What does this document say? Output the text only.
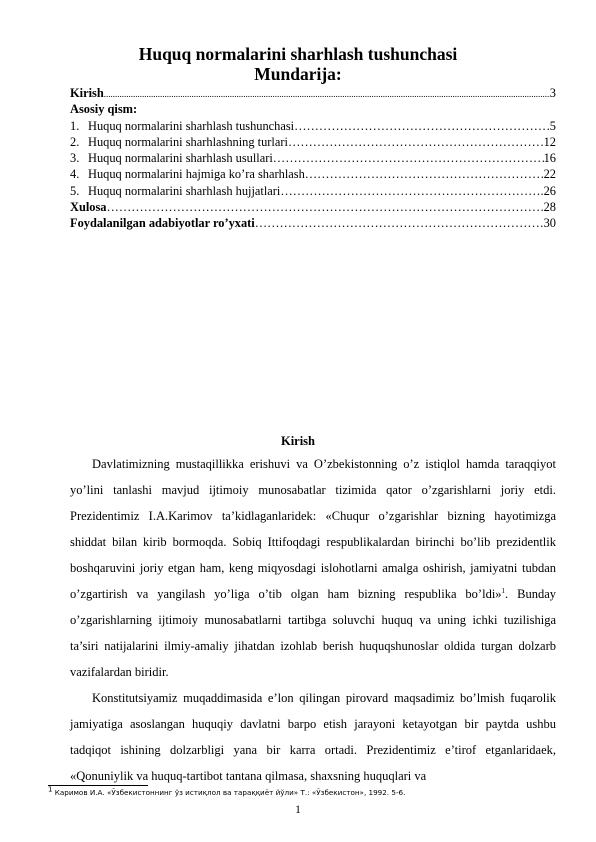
Huquq normalarini sharhlash tushunchasi
Mundarija:
Kirish .....	3
Asosiy qism:
1. Huquq normalarini sharhlash tushunchasi …………………………………………………………………………………………………………………………………………………………………………………………………………………………	.5
2. Huquq normalarini sharhlashning turlari …………………………………………………………………………………………………………………………………………………………………………………………………………………………	.12
3. Huquq normalarini sharhlash usullari …………………………………………………………………………………………………………………………………………………………………………………………………………………………	16
4. Huquq normalarini hajmiga ko’ra sharhlash …………………………………………………………………………………………………………………………………………………………………………………………………………………………	22
5. Huquq normalarini sharhlash hujjatlari …………………………………………………………………………………………………………………………………………………………………………………………………………………………	.26
Xulosa …………………………………………………………………………………………………………………………………………………………………………………………………………………………	28
Foydalanilgan adabiyotlar ro’yxati …………………………………………………………………………………………………………………………………………………………………………………………………………………………	30
Kirish

Davlatimizning mustaqillikka erishuvi va O’zbekistonning o’z istiqlol hamda taraqqiyot yo’lini tanlashi mavjud ijtimoiy munosabatlar tizimida qator o’zgarishlarni joriy etdi. Prezidentimiz I.A.Karimov ta’kidlaganlaridek: «Chuqur o’zgarishlar bizning hayotimizga shiddat bilan kirib bormoqda. Sobiq Ittifoqdagi respublikalardan birinchi bo’lib prezidentlik boshqaruvini joriy etgan ham, keng miqyosdagi islohotlarni amalga oshirish, jamiyatni tubdan o’zgartirish va yangilash yo’liga o’tib olgan ham bizning respublika bo’ldi»$^1$. Bunday o’zgarishlarning ijtimoiy munosabatlarni tartibga soluvchi huquq va uning ichki tuzilishiga ta’siri natijalarini ilmiy-amaliy jihatdan izohlab berish huquqshunoslar oldida turgan dolzarb vazifalardan biridir.

Konstitutsiyamiz muqaddimasida e’lon qilingan pirovard maqsadimiz bo’lmish fuqarolik jamiyatiga asoslangan huquqiy davlatni barpo etish jarayoni ketayotgan bir paytda ushbu tadqiqot ishining dolzarbligi yana bir karra ortadi. Prezidentimiz e’tirof etganlaridaek, «Qonuniylik va huquq-tartibot tantana qilmasa, shaxsning huquqlari va

$^1$ Каримов И.А. «Ўзбекистоннинг ўз истиқлол ва тараққиёт йўли» Т.: «Ўзбекистон», 1992. 5-6.
1
